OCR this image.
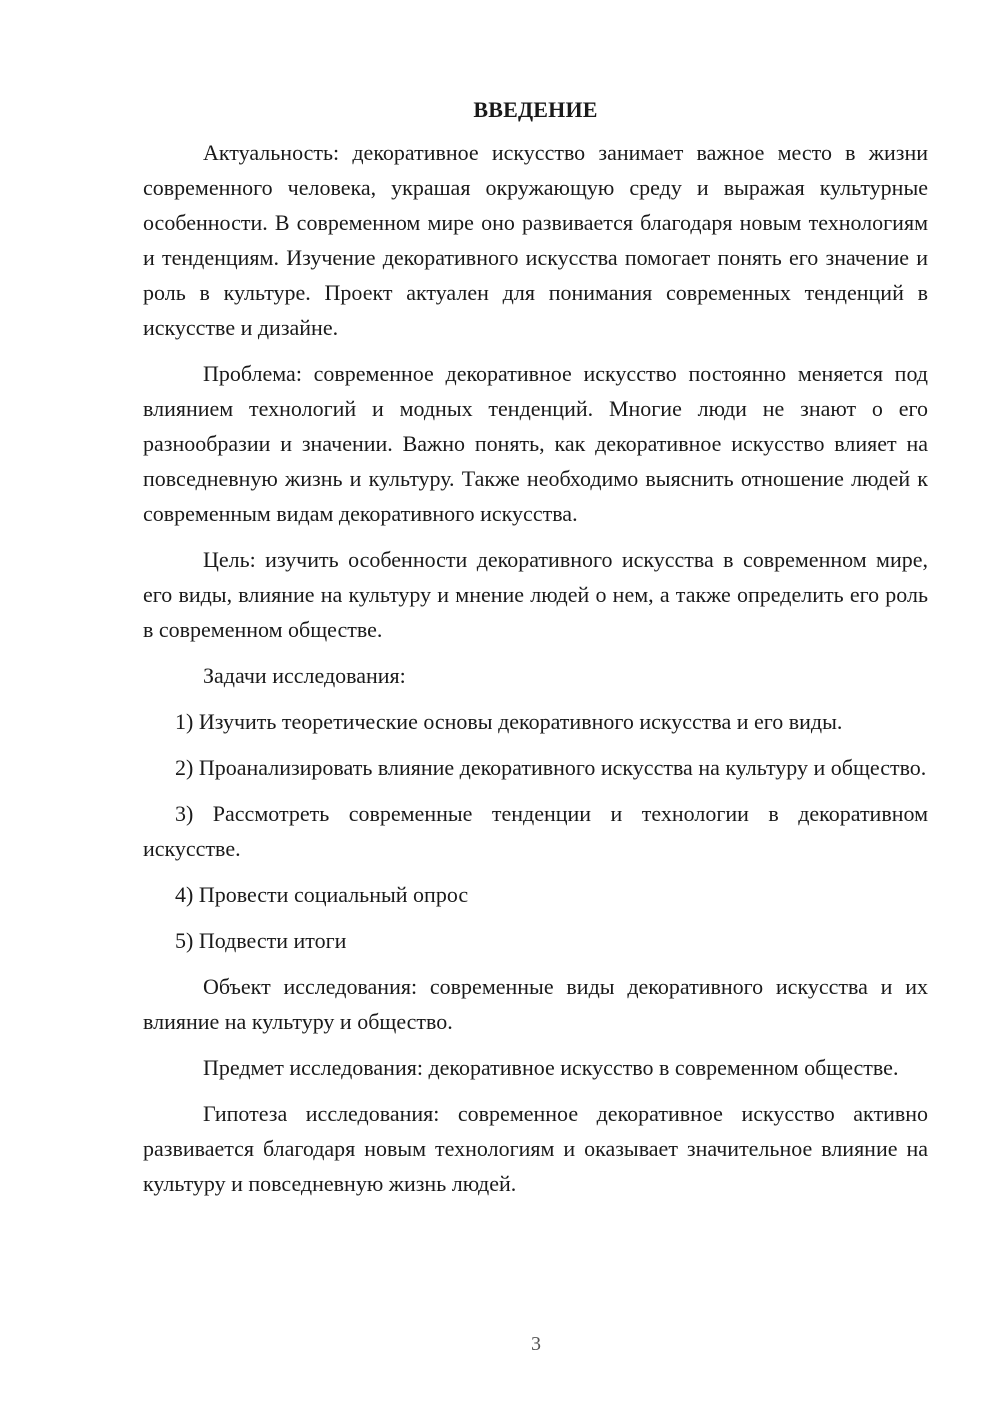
ВВЕДЕНИЕ

Актуальность: декоративное искусство занимает важное место в жизни современного человека, украшая окружающую среду и выражая культурные особенности. В современном мире оно развивается благодаря новым технологиям и тенденциям. Изучение декоративного искусства помогает понять его значение и роль в культуре. Проект актуален для понимания современных тенденций в искусстве и дизайне.

Проблема: современное декоративное искусство постоянно меняется под влиянием технологий и модных тенденций. Многие люди не знают о его разнообразии и значении. Важно понять, как декоративное искусство влияет на повседневную жизнь и культуру. Также необходимо выяснить отношение людей к современным видам декоративного искусства.

Цель: изучить особенности декоративного искусства в современном мире, его виды, влияние на культуру и мнение людей о нем, а также определить его роль в современном обществе.

Задачи исследования:

1) Изучить теоретические основы декоративного искусства и его виды.

2) Проанализировать влияние декоративного искусства на культуру и общество.

3) Рассмотреть современные тенденции и технологии в декоративном искусстве.

4) Провести социальный опрос

5) Подвести итоги

Объект исследования: современные виды декоративного искусства и их влияние на культуру и общество.

Предмет исследования: декоративное искусство в современном обществе.

Гипотеза исследования: современное декоративное искусство активно развивается благодаря новым технологиям и оказывает значительное влияние на культуру и повседневную жизнь людей.

3
